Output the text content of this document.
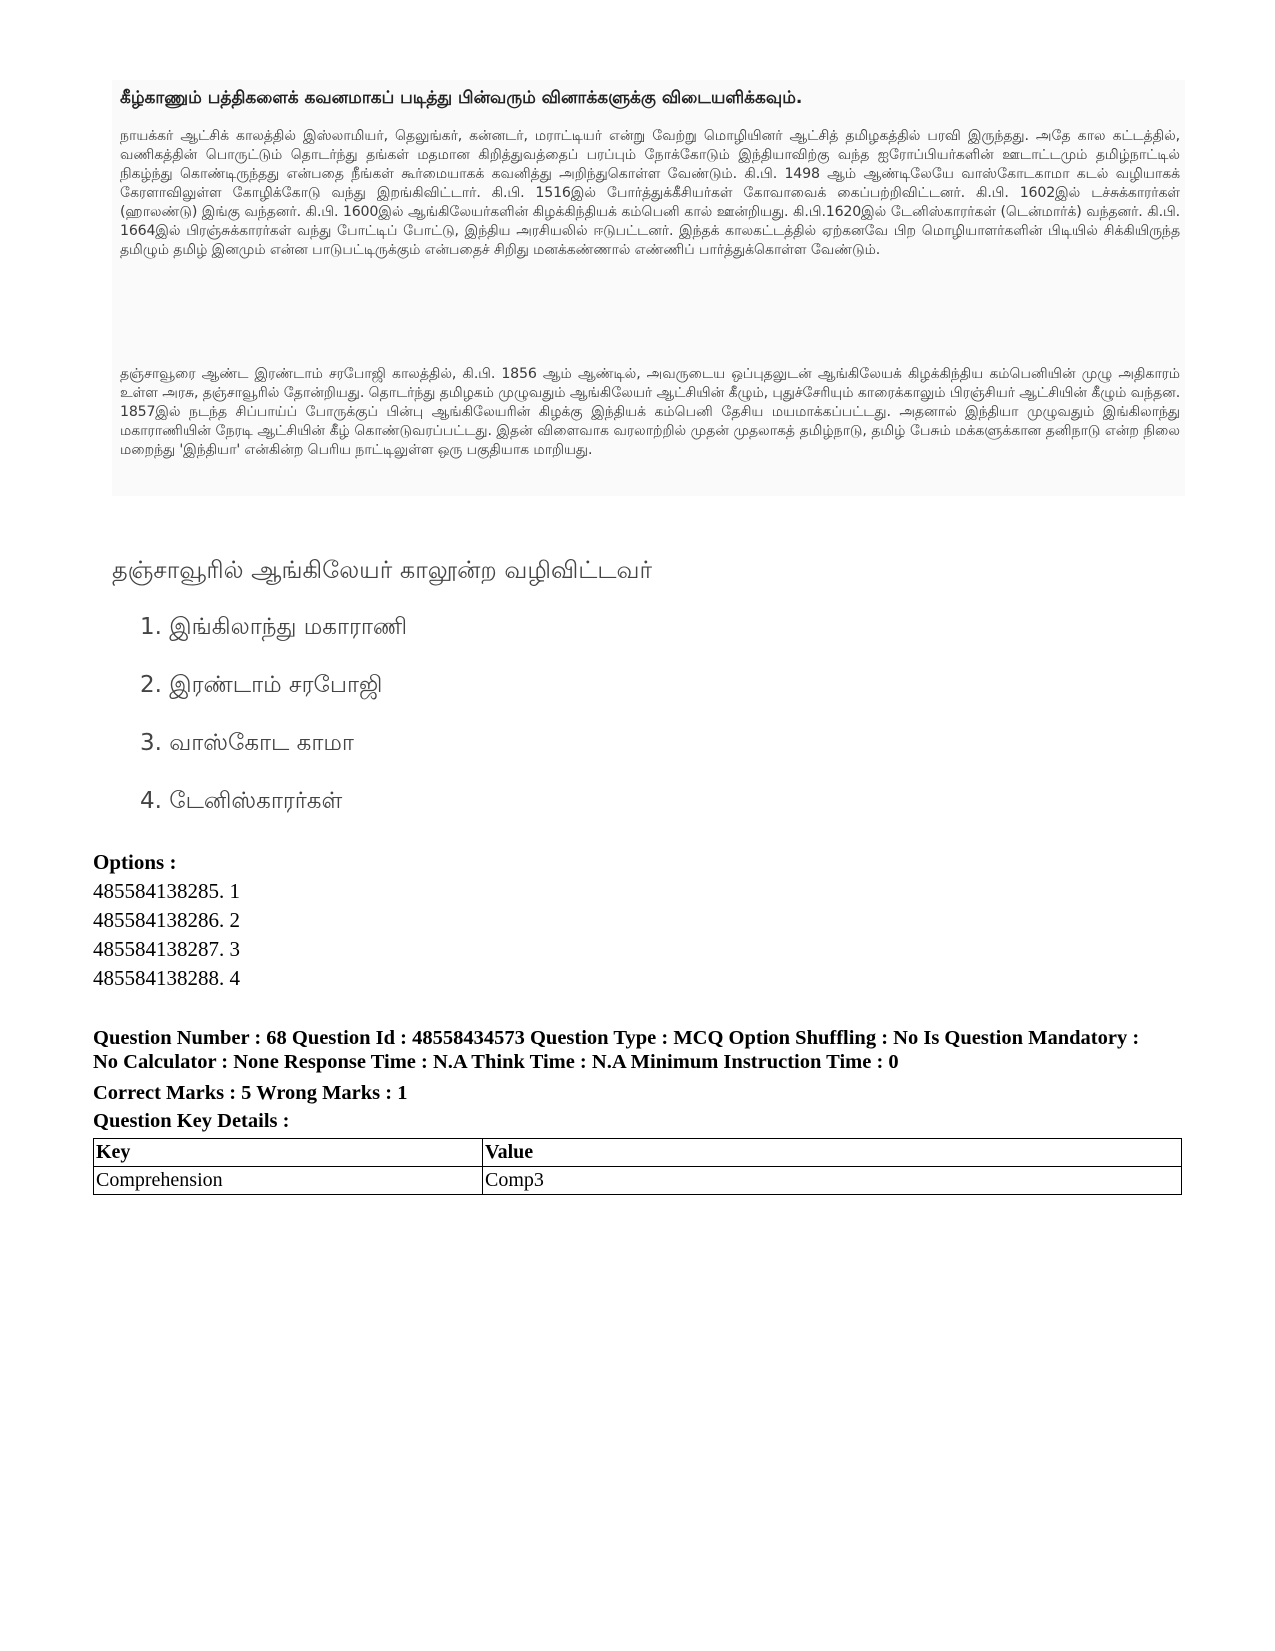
கீழ்காணும் பத்திகளைக் கவனமாகப் படித்து பின்வரும் வினாக்களுக்கு விடையளிக்கவும்.

நாயக்கர் ஆட்சிக் காலத்தில் இஸ்லாமியர், தெலுங்கர், கன்னடர், மராட்டியர் என்று வேற்று மொழியினர் ஆட்சித் தமிழகத்தில் பரவி இருந்தது. அதே கால கட்டத்தில், வணிகத்தின் பொருட்டும் தொடர்ந்து தங்கள் மதமான கிறித்துவத்தைப் பரப்பும் நோக்கோடும் இந்தியாவிற்கு வந்த ஐரோப்பியர்களின் ஊடாட்டமும் தமிழ்நாட்டில் நிகழ்ந்து கொண்டிருந்தது என்பதை நீங்கள் கூர்மையாகக் கவனித்து அறிந்துகொள்ள வேண்டும். கி.பி. 1498 ஆம் ஆண்டிலேயே வாஸ்கோடகாமா கடல் வழியாகக் கேரளாவிலுள்ள கோழிக்கோடு வந்து இறங்கிவிட்டார். கி.பி. 1516இல் போர்த்துக்கீசியர்கள் கோவாவைக் கைப்பற்றிவிட்டனர். கி.பி. 1602இல் டச்சுக்காரர்கள் (ஹாலண்டு) இங்கு வந்தனர். கி.பி. 1600இல் ஆங்கிலேயர்களின் கிழக்கிந்தியக் கம்பெனி கால் ஊன்றியது. கி.பி.1620இல் டேனிஸ்காரர்கள் (டென்மார்க்) வந்தனர். கி.பி. 1664இல் பிரஞ்சுக்காரர்கள் வந்து போட்டிப் போட்டு, இந்திய அரசியலில் ஈடுபட்டனர். இந்தக் காலகட்டத்தில் ஏற்கனவே பிற மொழியாளர்களின் பிடியில் சிக்கியிருந்த தமிழும் தமிழ் இனமும் என்ன பாடுபட்டிருக்கும் என்பதைச் சிறிது மனக்கண்ணால் எண்ணிப் பார்த்துக்கொள்ள வேண்டும்.

தஞ்சாவூரை ஆண்ட இரண்டாம் சரபோஜி காலத்தில், கி.பி. 1856 ஆம் ஆண்டில், அவருடைய ஒப்புதலுடன் ஆங்கிலேயக் கிழக்கிந்திய கம்பெனியின் முழு அதிகாரம் உள்ள அரசு, தஞ்சாவூரில் தோன்றியது. தொடர்ந்து தமிழகம் முழுவதும் ஆங்கிலேயர் ஆட்சியின் கீழும், புதுச்சேரியும் காரைக்காலும் பிரஞ்சியர் ஆட்சியின் கீழும் வந்தன. 1857இல் நடந்த சிப்பாய்ப் போருக்குப் பின்பு ஆங்கிலேயரின் கிழக்கு இந்தியக் கம்பெனி தேசிய மயமாக்கப்பட்டது. அதனால் இந்தியா முழுவதும் இங்கிலாந்து மகாராணியின் நேரடி ஆட்சியின் கீழ் கொண்டுவரப்பட்டது. இதன் விளைவாக வரலாற்றில் முதன் முதலாகத் தமிழ்நாடு, தமிழ் பேசும் மக்களுக்கான தனிநாடு என்ற நிலை மறைந்து 'இந்தியா' என்கின்ற பெரிய நாட்டிலுள்ள ஒரு பகுதியாக மாறியது.

தஞ்சாவூரில் ஆங்கிலேயர் காலூன்ற வழிவிட்டவர்

1. இங்கிலாந்து மகாராணி
2. இரண்டாம் சரபோஜி
3. வாஸ்கோட காமா
4. டேனிஸ்காரர்கள்
Options :
485584138285. 1
485584138286. 2
485584138287. 3
485584138288. 4
Question Number : 68 Question Id : 48558434573 Question Type : MCQ Option Shuffling : No Is Question Mandatory :
No Calculator : None Response Time : N.A Think Time : N.A Minimum Instruction Time : 0
Correct Marks : 5 Wrong Marks : 1
Question Key Details :
Key	Value
Comprehension	Comp3
